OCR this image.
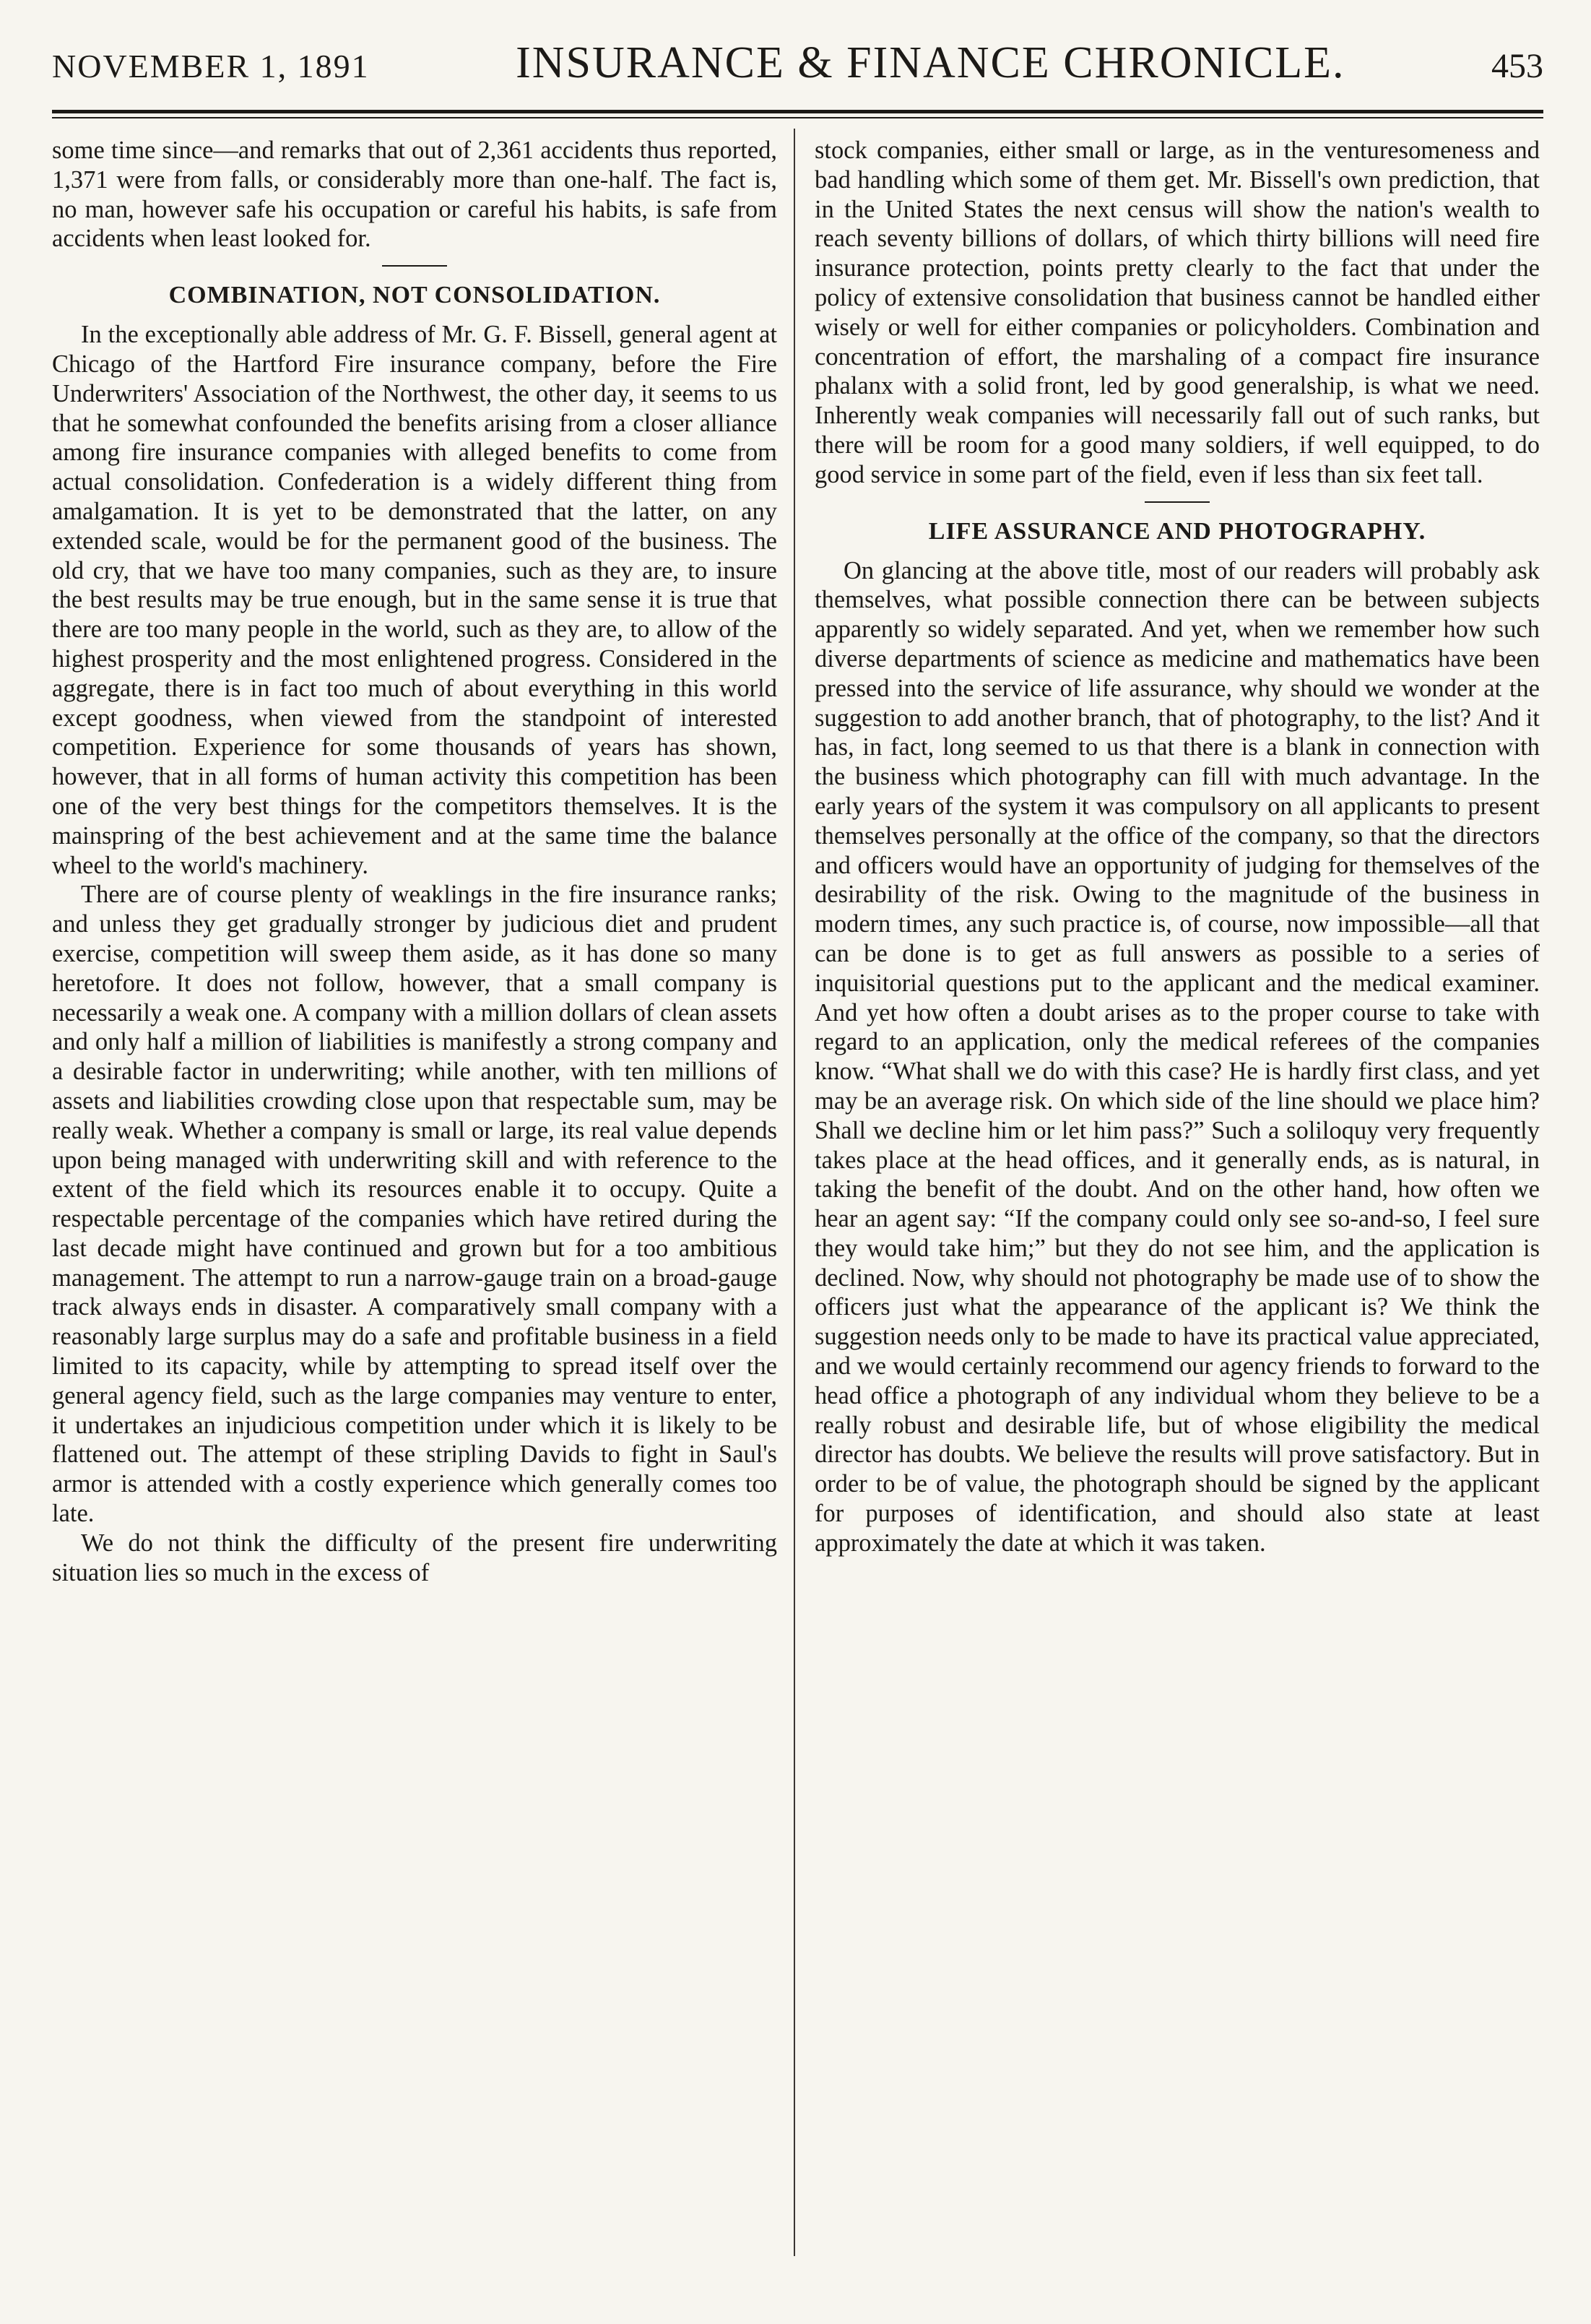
NOVEMBER 1, 1891	INSURANCE & FINANCE CHRONICLE.	453

some time since—and remarks that out of 2,361 accidents thus reported, 1,371 were from falls, or considerably more than one-half. The fact is, no man, however safe his occupation or careful his habits, is safe from accidents when least looked for.

COMBINATION, NOT CONSOLIDATION.

In the exceptionally able address of Mr. G. F. Bissell, general agent at Chicago of the Hartford Fire insurance company, before the Fire Underwriters' Association of the Northwest, the other day, it seems to us that he somewhat confounded the benefits arising from a closer alliance among fire insurance companies with alleged benefits to come from actual consolidation. Confederation is a widely different thing from amalgamation. It is yet to be demonstrated that the latter, on any extended scale, would be for the permanent good of the business. The old cry, that we have too many companies, such as they are, to insure the best results may be true enough, but in the same sense it is true that there are too many people in the world, such as they are, to allow of the highest prosperity and the most enlightened progress. Considered in the aggregate, there is in fact too much of about everything in this world except goodness, when viewed from the standpoint of interested competition. Experience for some thousands of years has shown, however, that in all forms of human activity this competition has been one of the very best things for the competitors themselves. It is the mainspring of the best achievement and at the same time the balance wheel to the world's machinery.

There are of course plenty of weaklings in the fire insurance ranks; and unless they get gradually stronger by judicious diet and prudent exercise, competition will sweep them aside, as it has done so many heretofore. It does not follow, however, that a small company is necessarily a weak one. A company with a million dollars of clean assets and only half a million of liabilities is manifestly a strong company and a desirable factor in underwriting; while another, with ten millions of assets and liabilities crowding close upon that respectable sum, may be really weak. Whether a company is small or large, its real value depends upon being managed with underwriting skill and with reference to the extent of the field which its resources enable it to occupy. Quite a respectable percentage of the companies which have retired during the last decade might have continued and grown but for a too ambitious management. The attempt to run a narrow-gauge train on a broad-gauge track always ends in disaster. A comparatively small company with a reasonably large surplus may do a safe and profitable business in a field limited to its capacity, while by attempting to spread itself over the general agency field, such as the large companies may venture to enter, it undertakes an injudicious competition under which it is likely to be flattened out. The attempt of these stripling Davids to fight in Saul's armor is attended with a costly experience which generally comes too late.

We do not think the difficulty of the present fire underwriting situation lies so much in the excess of

stock companies, either small or large, as in the venturesomeness and bad handling which some of them get. Mr. Bissell's own prediction, that in the United States the next census will show the nation's wealth to reach seventy billions of dollars, of which thirty billions will need fire insurance protection, points pretty clearly to the fact that under the policy of extensive consolidation that business cannot be handled either wisely or well for either companies or policyholders. Combination and concentration of effort, the marshaling of a compact fire insurance phalanx with a solid front, led by good generalship, is what we need. Inherently weak companies will necessarily fall out of such ranks, but there will be room for a good many soldiers, if well equipped, to do good service in some part of the field, even if less than six feet tall.

LIFE ASSURANCE AND PHOTOGRAPHY.

On glancing at the above title, most of our readers will probably ask themselves, what possible connection there can be between subjects apparently so widely separated. And yet, when we remember how such diverse departments of science as medicine and mathematics have been pressed into the service of life assurance, why should we wonder at the suggestion to add another branch, that of photography, to the list? And it has, in fact, long seemed to us that there is a blank in connection with the business which photography can fill with much advantage. In the early years of the system it was compulsory on all applicants to present themselves personally at the office of the company, so that the directors and officers would have an opportunity of judging for themselves of the desirability of the risk. Owing to the magnitude of the business in modern times, any such practice is, of course, now impossible—all that can be done is to get as full answers as possible to a series of inquisitorial questions put to the applicant and the medical examiner. And yet how often a doubt arises as to the proper course to take with regard to an application, only the medical referees of the companies know. “What shall we do with this case? He is hardly first class, and yet may be an average risk. On which side of the line should we place him? Shall we decline him or let him pass?” Such a soliloquy very frequently takes place at the head offices, and it generally ends, as is natural, in taking the benefit of the doubt. And on the other hand, how often we hear an agent say: “If the company could only see so-and-so, I feel sure they would take him;” but they do not see him, and the application is declined. Now, why should not photography be made use of to show the officers just what the appearance of the applicant is? We think the suggestion needs only to be made to have its practical value appreciated, and we would certainly recommend our agency friends to forward to the head office a photograph of any individual whom they believe to be a really robust and desirable life, but of whose eligibility the medical director has doubts. We believe the results will prove satisfactory. But in order to be of value, the photograph should be signed by the applicant for purposes of identification, and should also state at least approximately the date at which it was taken.
